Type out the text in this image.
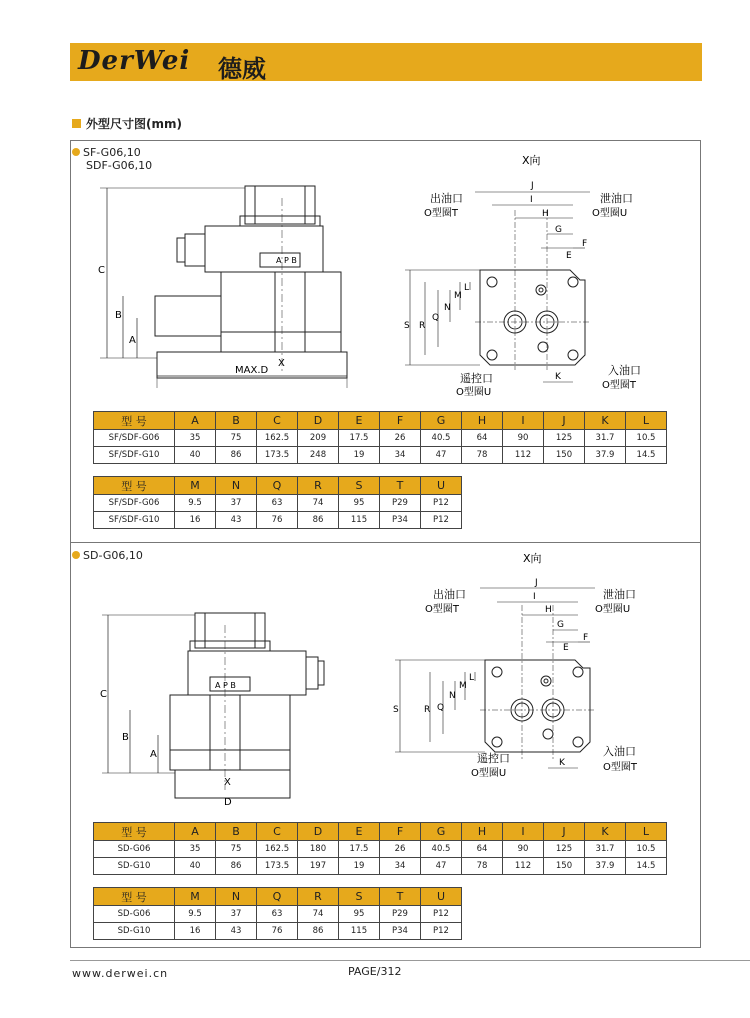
DerWei 德威
外型尺寸图(mm)
SF-G06,10
SDF-G06,10
SD-G06,10
C
B
A
A P B
X
MAX.D
X向
J
I
H
G
F
E
S R
Q
N
M
L
K
出油口
O型圈T
泄油口
O型圈U
遥控口
O型圈U
入油口
O型圈T
型 号	A	B	C	D	E	F	G	H	I	J	K	L
SF/SDF-G06	35	75	162.5	209	17.5	26	40.5	64	90	125	31.7	10.5
SF/SDF-G10	40	86	173.5	248	19	34	47	78	112	150	37.9	14.5
型 号	M	N	Q	R	S	T	U
SF/SDF-G06	9.5	37	63	74	95	P29	P12
SF/SDF-G10	16	43	76	86	115	P34	P12
C
B
A
A P B
X
D
X向
J
I
H
G
F
E
S	R Q
N
M
L
K
出油口
O型圈T
泄油口
O型圈U
遥控口
O型圈U
入油口
O型圈T
型 号	A	B	C	D	E	F	G	H	I	J	K	L
SD-G06	35	75	162.5	180	17.5	26	40.5	64	90	125	31.7	10.5
SD-G10	40	86	173.5	197	19	34	47	78	112	150	37.9	14.5
型 号	M	N	Q	R	S	T	U
SD-G06	9.5	37	63	74	95	P29	P12
SD-G10	16	43	76	86	115	P34	P12
www.derwei.cn	PAGE/312
